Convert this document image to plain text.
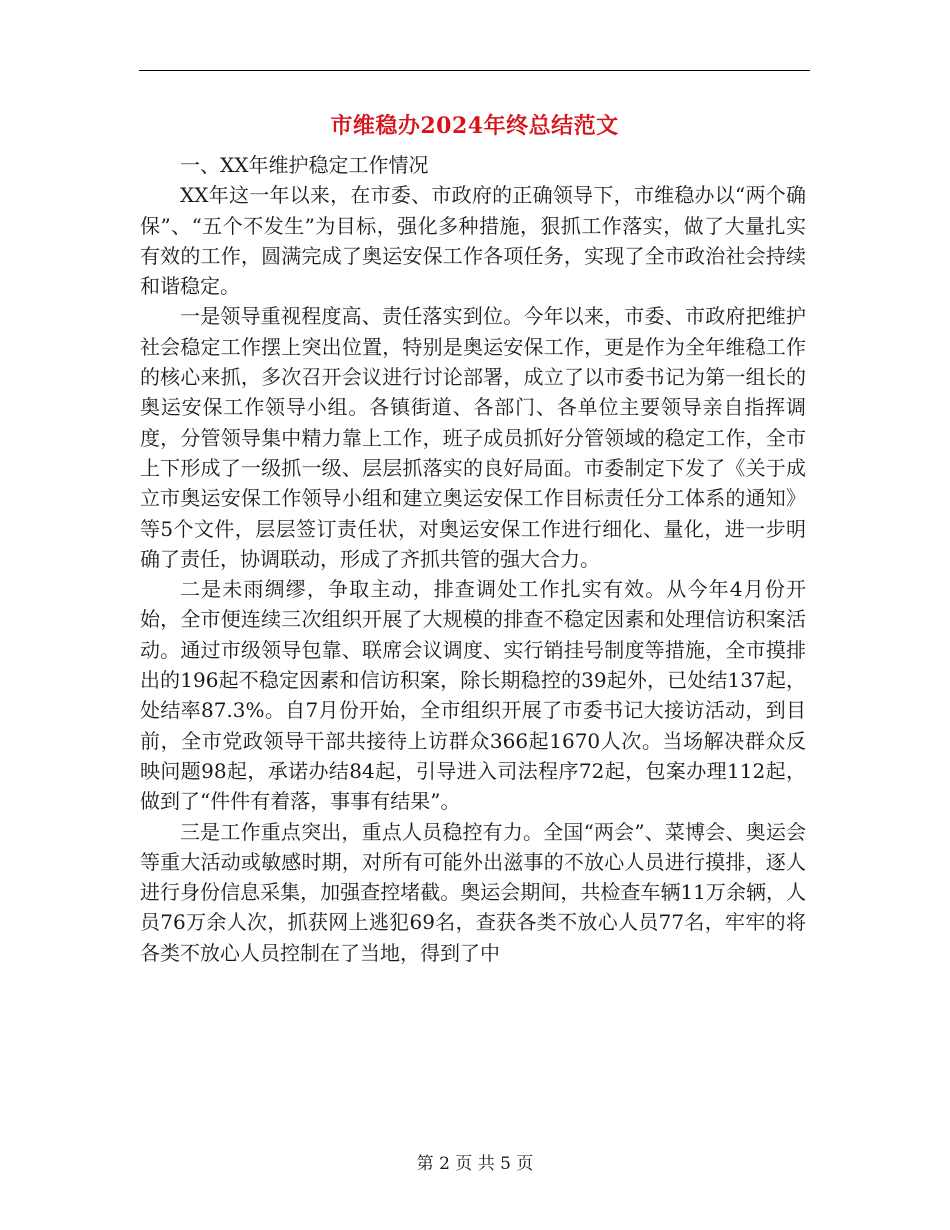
市维稳办2024年终总结范文

一、XX年维护稳定工作情况

XX年这一年以来，在市委、市政府的正确领导下，市维稳办以“两个确保”、“五个不发生”为目标，强化多种措施，狠抓工作落实，做了大量扎实有效的工作，圆满完成了奥运安保工作各项任务，实现了全市政治社会持续和谐稳定。

一是领导重视程度高、责任落实到位。今年以来，市委、市政府把维护社会稳定工作摆上突出位置，特别是奥运安保工作，更是作为全年维稳工作的核心来抓，多次召开会议进行讨论部署，成立了以市委书记为第一组长的奥运安保工作领导小组。各镇街道、各部门、各单位主要领导亲自指挥调度，分管领导集中精力靠上工作，班子成员抓好分管领域的稳定工作，全市上下形成了一级抓一级、层层抓落实的良好局面。市委制定下发了《关于成立市奥运安保工作领导小组和建立奥运安保工作目标责任分工体系的通知》等5个文件，层层签订责任状，对奥运安保工作进行细化、量化，进一步明确了责任，协调联动，形成了齐抓共管的强大合力。

二是未雨绸缪，争取主动，排查调处工作扎实有效。从今年4月份开始，全市便连续三次组织开展了大规模的排查不稳定因素和处理信访积案活动。通过市级领导包靠、联席会议调度、实行销挂号制度等措施，全市摸排出的196起不稳定因素和信访积案，除长期稳控的39起外，已处结137起，处结率87.3%。自7月份开始，全市组织开展了市委书记大接访活动，到目前，全市党政领导干部共接待上访群众366起1670人次。当场解决群众反映问题98起，承诺办结84起，引导进入司法程序72起，包案办理112起，做到了“件件有着落，事事有结果”。

三是工作重点突出，重点人员稳控有力。全国“两会”、菜博会、奥运会等重大活动或敏感时期，对所有可能外出滋事的不放心人员进行摸排，逐人进行身份信息采集，加强查控堵截。奥运会期间，共检查车辆11万余辆，人员76万余人次，抓获网上逃犯69名，查获各类不放心人员77名，牢牢的将各类不放心人员控制在了当地，得到了中

第 2 页 共 5 页
